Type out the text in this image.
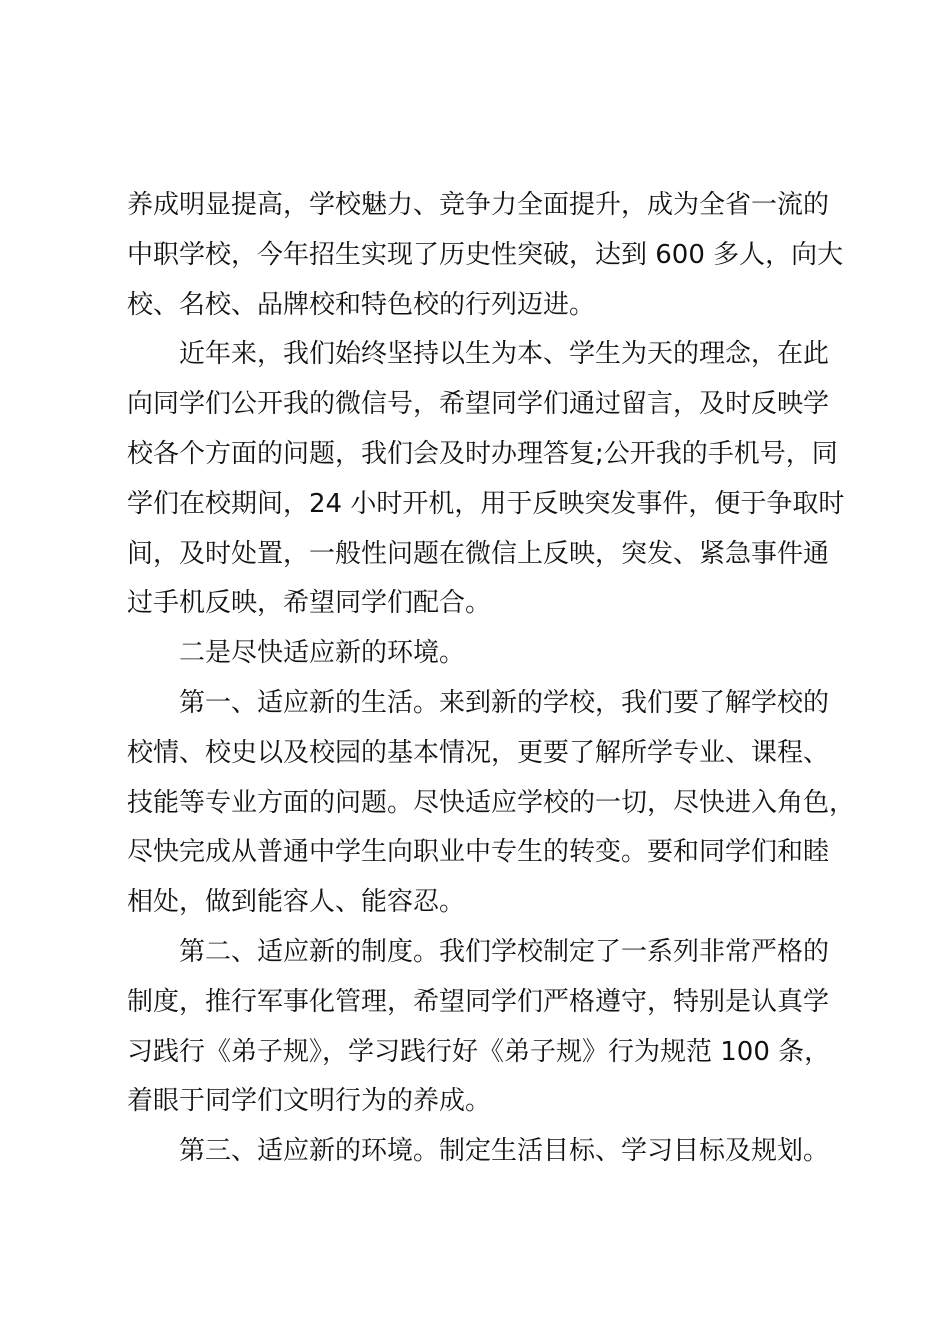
养成明显提高，学校魅力、竞争力全面提升，成为全省一流的
中职学校，今年招生实现了历史性突破，达到 600 多人，向大
校、名校、品牌校和特色校的行列迈进。
近年来，我们始终坚持以生为本、学生为天的理念，在此
向同学们公开我的微信号，希望同学们通过留言，及时反映学
校各个方面的问题，我们会及时办理答复;公开我的手机号，同
学们在校期间，24 小时开机，用于反映突发事件，便于争取时
间，及时处置，一般性问题在微信上反映，突发、紧急事件通
过手机反映，希望同学们配合。
二是尽快适应新的环境。
第一、适应新的生活。来到新的学校，我们要了解学校的
校情、校史以及校园的基本情况，更要了解所学专业、课程、
技能等专业方面的问题。尽快适应学校的一切，尽快进入角色，
尽快完成从普通中学生向职业中专生的转变。要和同学们和睦
相处，做到能容人、能容忍。
第二、适应新的制度。我们学校制定了一系列非常严格的
制度，推行军事化管理，希望同学们严格遵守，特别是认真学
习践行《弟子规》，学习践行好《弟子规》行为规范 100 条，
着眼于同学们文明行为的养成。
第三、适应新的环境。制定生活目标、学习目标及规划。
